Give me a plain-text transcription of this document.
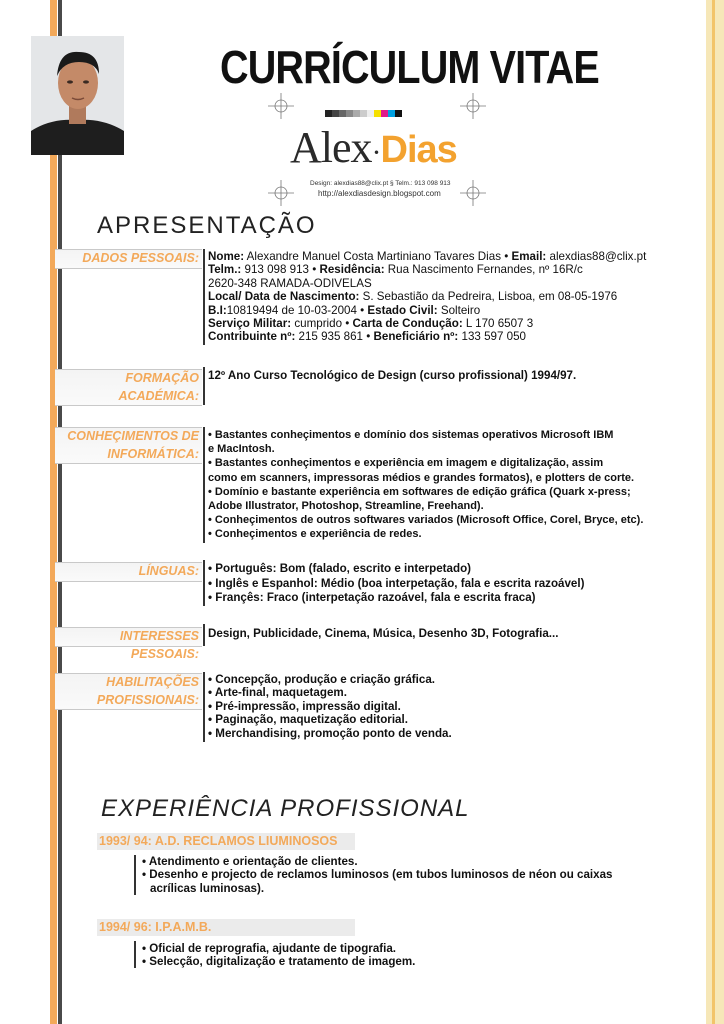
CURRÍCULUM VITAE
Alex·Dias
Design: alexdias88@clix.pt § Telm.: 913 098 913
http://alexdiasdesign.blogspot.com
APRESENTAÇÃO
DADOS PESSOAIS: Nome: Alexandre Manuel Costa Martiniano Tavares Dias • Email: alexdias88@clix.pt
Telm.: 913 098 913 • Residência: Rua Nascimento Fernandes, nº 16R/c
2620-348 RAMADA-ODIVELAS
Local/ Data de Nascimento: S. Sebastião da Pedreira, Lisboa, em 08-05-1976
B.I:10819494 de 10-03-2004 • Estado Civil: Solteiro
Serviço Militar: cumprido • Carta de Condução: L 170 6507 3
Contribuinte nº: 215 935 861 • Beneficiário nº: 133 597 050
FORMAÇÃO
ACADÉMICA:
12º Ano Curso Tecnológico de Design (curso profissional) 1994/97.
CONHEÇIMENTOS DE
INFORMÁTICA:
• Bastantes conheçimentos e domínio dos sistemas operativos Microsoft IBM
e MacIntosh.
• Bastantes conheçimentos e experiência em imagem e digitalização, assim
como em scanners, impressoras médios e grandes formatos), e plotters de corte.
• Domínio e bastante experiência em softwares de edição gráfica (Quark x-press;
Adobe Illustrator, Photoshop, Streamline, Freehand).
• Conheçimentos de outros softwares variados (Microsoft Office, Corel, Bryce, etc).
• Conheçimentos e experiência de redes.
LÍNGUAS: • Português: Bom (falado, escrito e interpetado)
• Inglês e Espanhol: Médio (boa interpetação, fala e escrita razoável)
• Françês: Fraco (interpetação razoável, fala e escrita fraca)
INTERESSES PESSOAIS:
Design, Publicidade, Cinema, Música, Desenho 3D, Fotografia...
HABILITAÇÕES
PROFISSIONAIS:
• Concepção, produção e criação gráfica.
• Arte-final, maquetagem.
• Pré-impressão, impressão digital.
• Paginação, maquetização editorial.
• Merchandising, promoção ponto de venda.
EXPERIÊNCIA PROFISSIONAL
1993/ 94: A.D. RECLAMOS LIUMINOSOS
• Atendimento e orientação de clientes.
• Desenho e projecto de reclamos luminosos (em tubos luminosos de néon ou caixas
acrílicas luminosas).
1994/ 96: I.P.A.M.B.
• Oficial de reprografia, ajudante de tipografia.
• Selecção, digitalização e tratamento de imagem.
